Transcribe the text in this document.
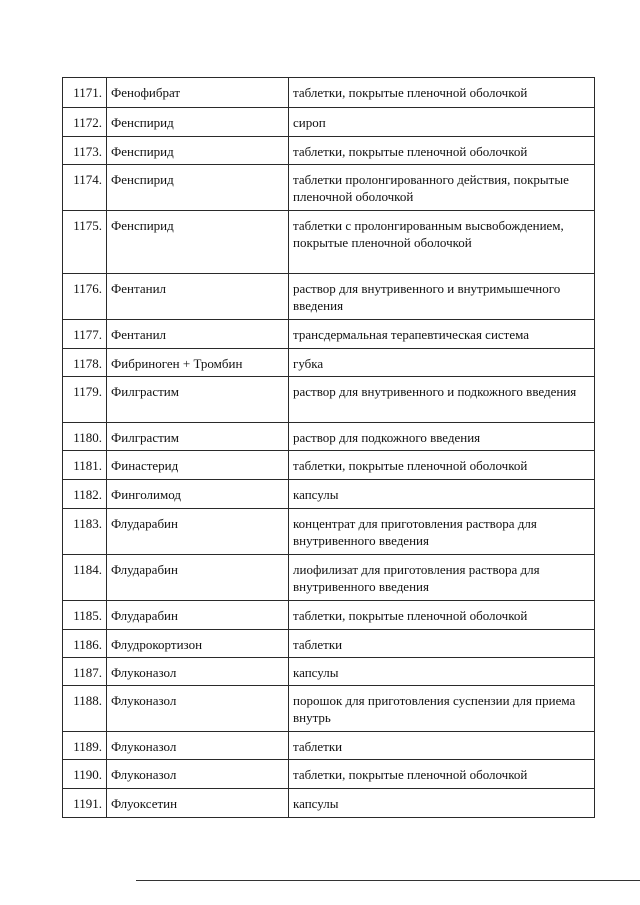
1171.	Фенофибрат	таблетки, покрытые пленочной оболочкой
1172.	Фенспирид	сироп
1173.	Фенспирид	таблетки, покрытые пленочной оболочкой
1174.	Фенспирид	таблетки пролонгированного действия, покрытые пленочной оболочкой
1175.	Фенспирид	таблетки с пролонгированным высвобождением, покрытые пленочной оболочкой
1176.	Фентанил	раствор для внутривенного и внутримышечного введения
1177.	Фентанил	трансдермальная терапевтическая система
1178.	Фибриноген + Тромбин	губка
1179.	Филграстим	раствор для внутривенного и подкожного введения
1180.	Филграстим	раствор для подкожного введения
1181.	Финастерид	таблетки, покрытые пленочной оболочкой
1182.	Финголимод	капсулы
1183.	Флударабин	концентрат для приготовления раствора для внутривенного введения
1184.	Флударабин	лиофилизат для приготовления раствора для внутривенного введения
1185.	Флударабин	таблетки, покрытые пленочной оболочкой
1186.	Флудрокортизон	таблетки
1187.	Флуконазол	капсулы
1188.	Флуконазол	порошок для приготовления суспензии для приема внутрь
1189.	Флуконазол	таблетки
1190.	Флуконазол	таблетки, покрытые пленочной оболочкой
1191.	Флуоксетин	капсулы
